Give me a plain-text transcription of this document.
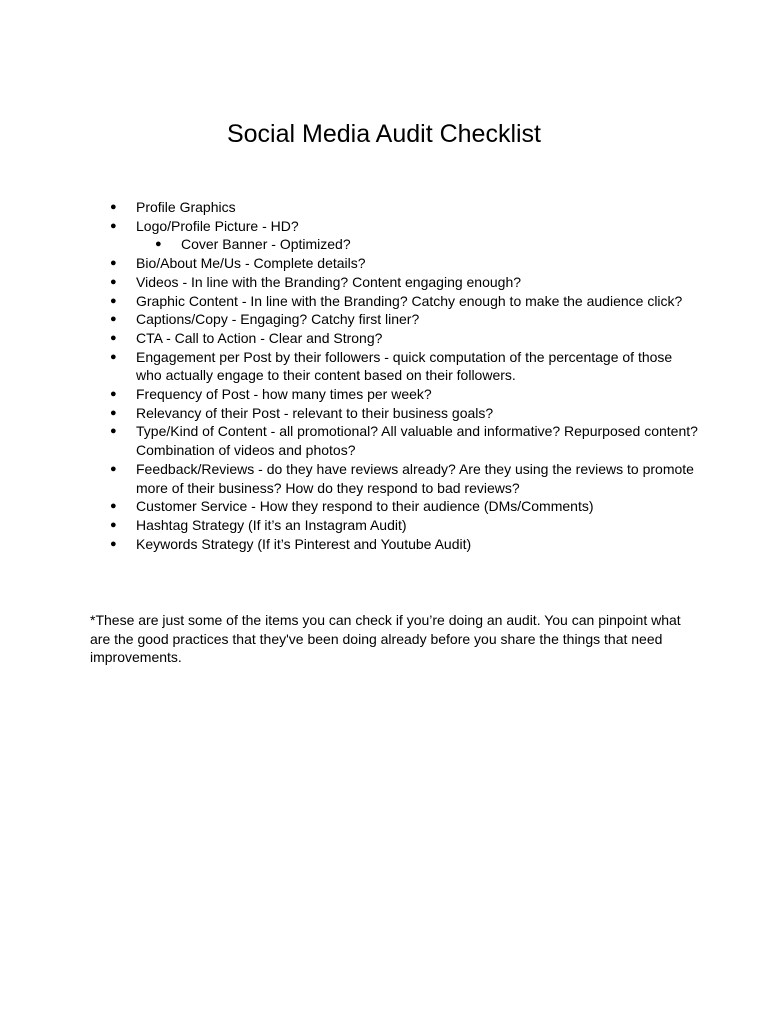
Social Media Audit Checklist
● Profile Graphics
● Logo/Profile Picture - HD?
● Cover Banner - Optimized?
● Bio/About Me/Us - Complete details?
● Videos - In line with the Branding? Content engaging enough?
● Graphic Content - In line with the Branding? Catchy enough to make the audience click?
● Captions/Copy - Engaging? Catchy first liner?
● CTA - Call to Action - Clear and Strong?
● Engagement per Post by their followers - quick computation of the percentage of those who actually engage to their content based on their followers.
● Frequency of Post - how many times per week?
● Relevancy of their Post - relevant to their business goals?
● Type/Kind of Content - all promotional? All valuable and informative? Repurposed content? Combination of videos and photos?
● Feedback/Reviews - do they have reviews already? Are they using the reviews to promote more of their business? How do they respond to bad reviews?
● Customer Service - How they respond to their audience (DMs/Comments)
● Hashtag Strategy (If it’s an Instagram Audit)
● Keywords Strategy (If it’s Pinterest and Youtube Audit)

*These are just some of the items you can check if you’re doing an audit. You can pinpoint what are the good practices that they've been doing already before you share the things that need improvements.
